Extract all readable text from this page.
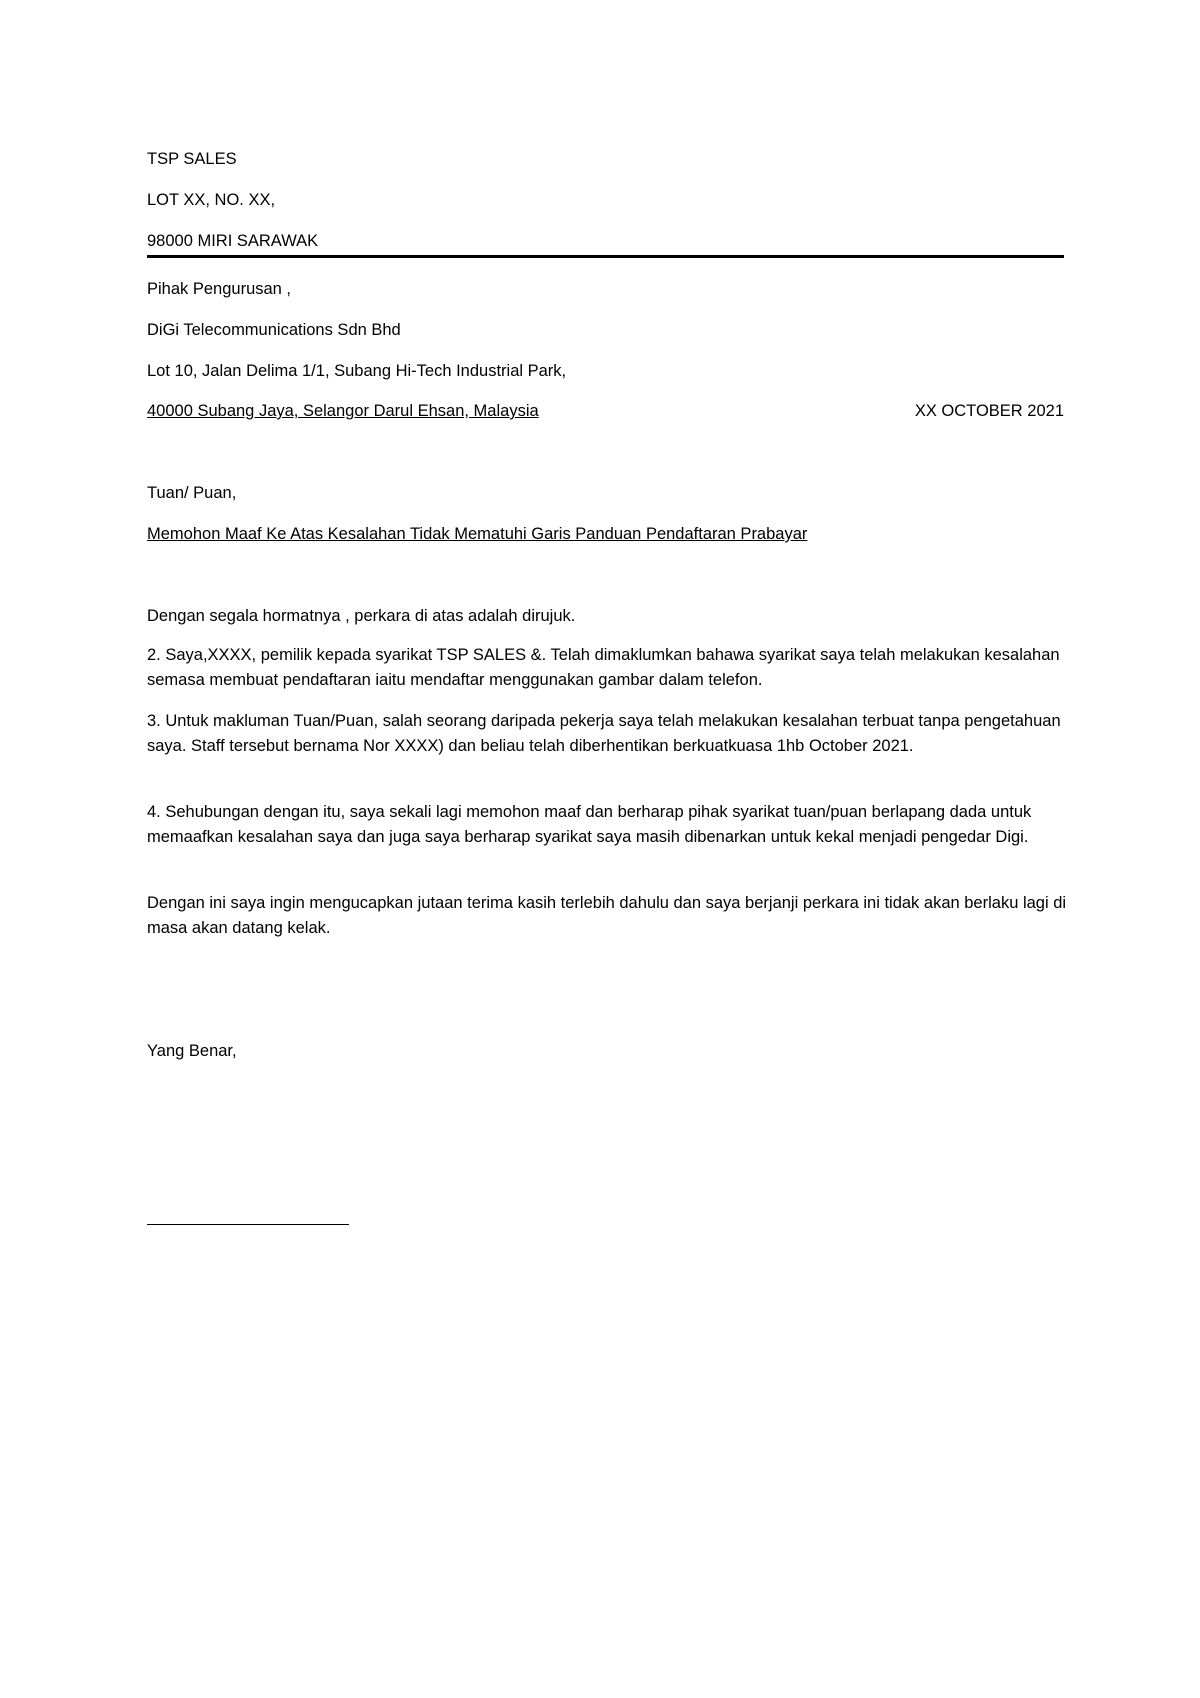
TSP SALES
LOT XX, NO. XX,
98000 MIRI SARAWAK
Pihak Pengurusan ,
DiGi Telecommunications Sdn Bhd
Lot 10, Jalan Delima 1/1, Subang Hi-Tech Industrial Park,
40000 Subang Jaya, Selangor Darul Ehsan, Malaysia	XX OCTOBER 2021
Tuan/ Puan,
Memohon Maaf Ke Atas Kesalahan Tidak Mematuhi Garis Panduan Pendaftaran Prabayar
Dengan segala hormatnya , perkara di atas adalah dirujuk.
2. Saya,XXXX, pemilik kepada syarikat TSP SALES &. Telah dimaklumkan bahawa syarikat saya telah melakukan kesalahan semasa membuat pendaftaran iaitu mendaftar menggunakan gambar dalam telefon.
3. Untuk makluman Tuan/Puan, salah seorang daripada pekerja saya telah melakukan kesalahan terbuat tanpa pengetahuan saya. Staff tersebut bernama Nor XXXX) dan beliau telah diberhentikan berkuatkuasa 1hb October 2021.
4. Sehubungan dengan itu, saya sekali lagi memohon maaf dan berharap pihak syarikat tuan/puan berlapang dada untuk memaafkan kesalahan saya dan juga saya berharap syarikat saya masih dibenarkan untuk kekal menjadi pengedar Digi.
Dengan ini saya ingin mengucapkan jutaan terima kasih terlebih dahulu dan saya berjanji perkara ini tidak akan berlaku lagi di masa akan datang kelak.
Yang Benar,
